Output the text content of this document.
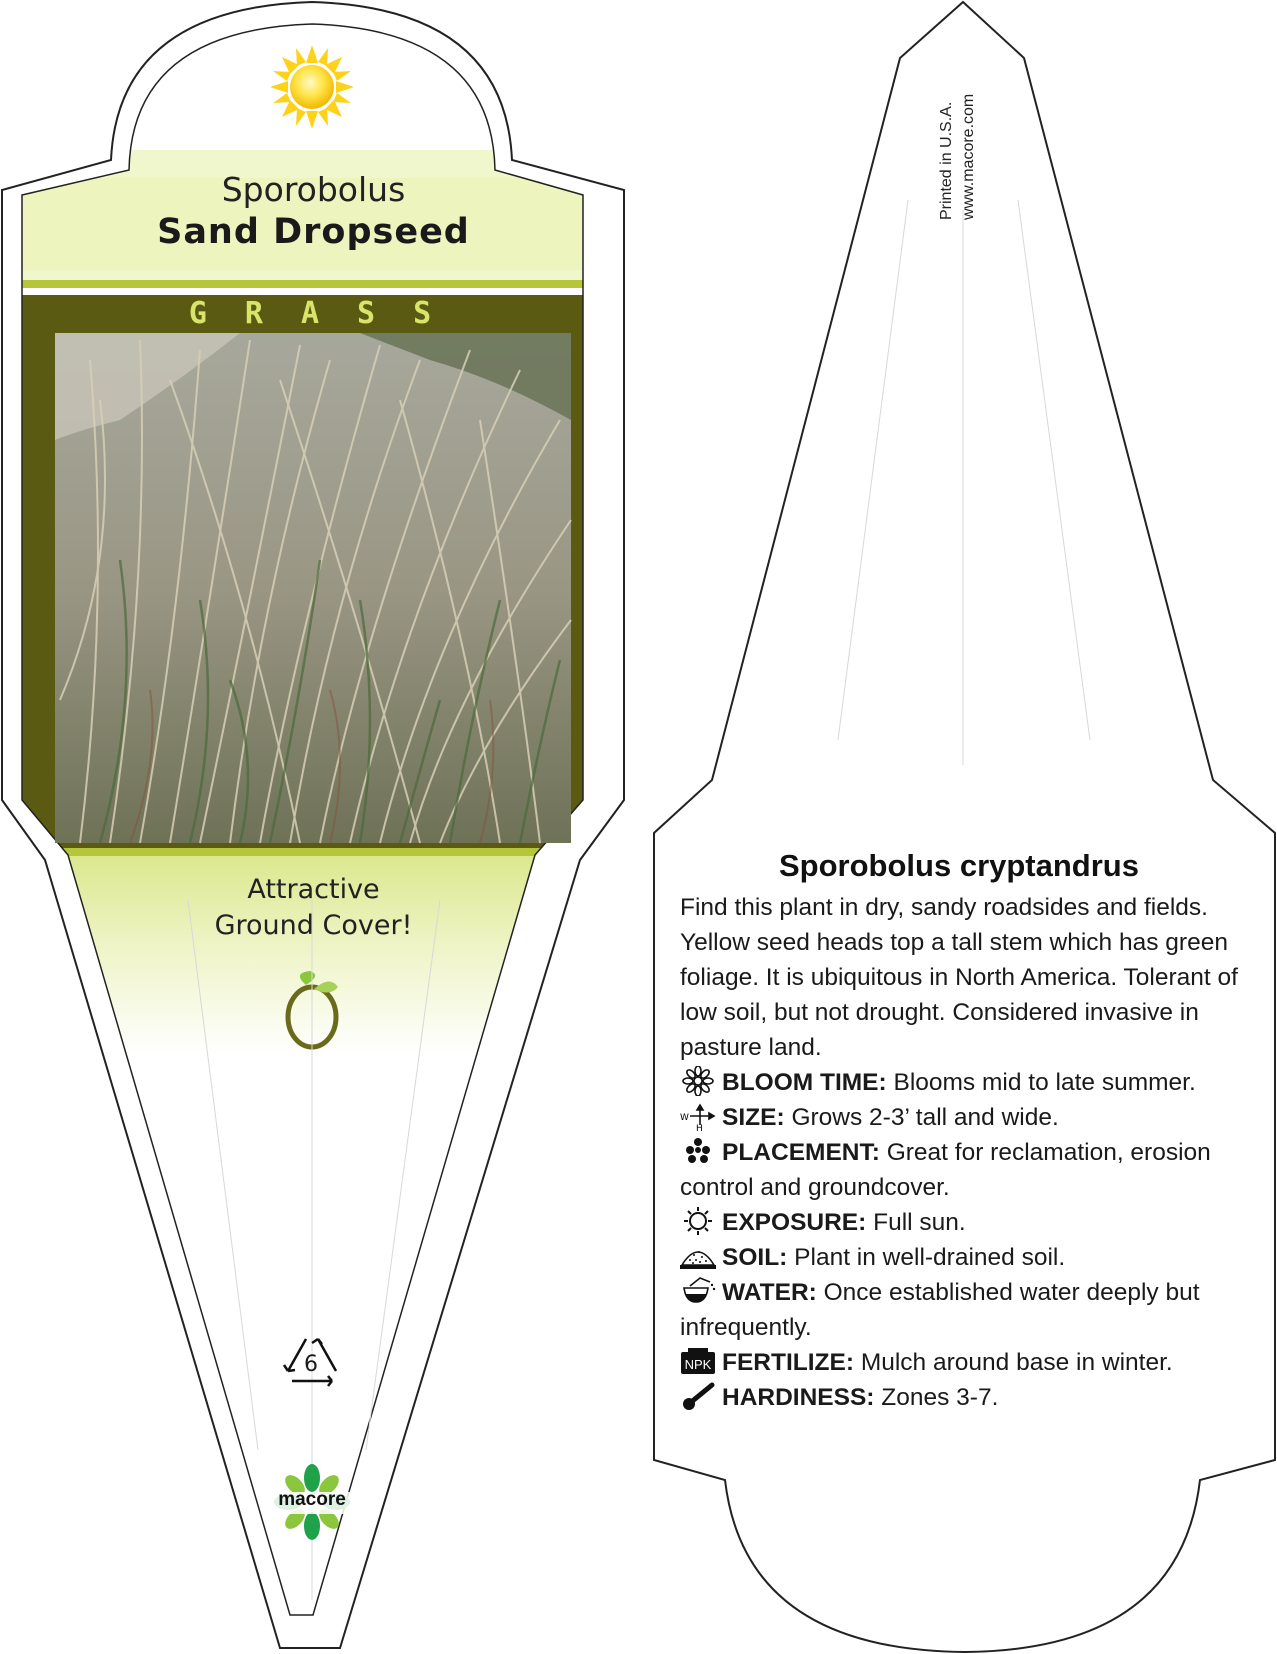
Sporobolus
Sand Dropseed
GRASS
Attractive
Ground Cover!
6
macore
Printed in U.S.A. www.macore.com
Sporobolus cryptandrus
Find this plant in dry, sandy roadsides and fields. Yellow seed heads top a tall stem which has green foliage. It is ubiquitous in North America. Tolerant of low soil, but not drought. Considered invasive in pasture land.
BLOOM TIME: Blooms mid to late summer.
W
H SIZE: Grows 2-3’ tall and wide.
PLACEMENT: Great for reclamation, erosion control and groundcover.
EXPOSURE: Full sun.
SOIL: Plant in well-drained soil.
WATER: Once established water deeply but infrequently.
NPK FERTILIZE: Mulch around base in winter.
HARDINESS: Zones 3-7.
